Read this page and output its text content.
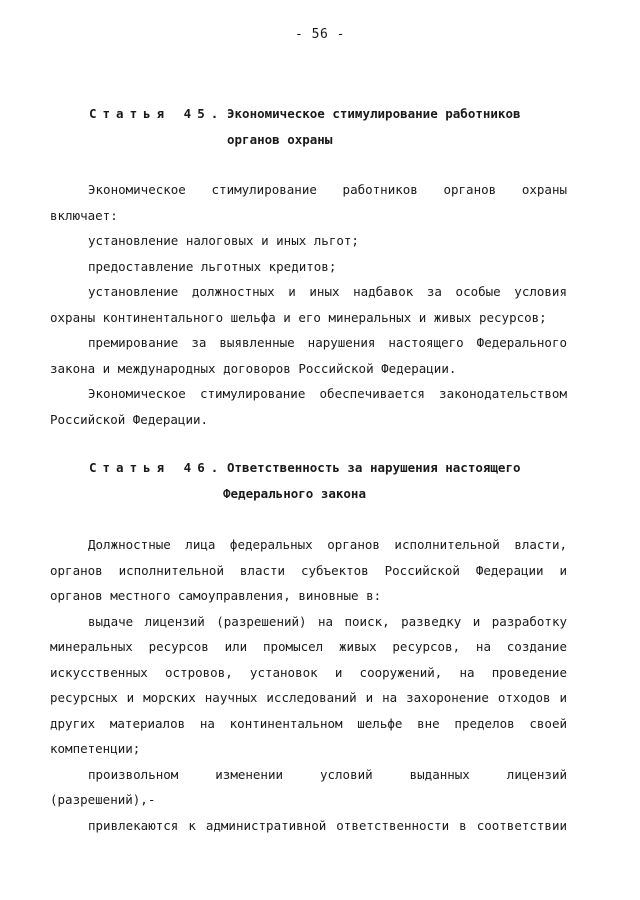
- 56 -
Статья 45. Экономическое стимулирование работников
органов охраны
Экономическое стимулирование работников органов охраны
включает:
установление налоговых и иных льгот;
предоставление льготных кредитов;
установление должностных и иных надбавок за особые условия
охраны континентального шельфа и его минеральных и живых ресурсов;
премирование за выявленные нарушения настоящего Федерального
закона и международных договоров Российской Федерации.
Экономическое стимулирование обеспечивается законодательством
Российской Федерации.
Статья 46. Ответственность за нарушения настоящего
Федерального закона
Должностные лица федеральных органов исполнительной власти,
органов исполнительной власти субъектов Российской Федерации и
органов местного самоуправления, виновные в:
выдаче лицензий (разрешений) на поиск, разведку и разработку
минеральных ресурсов или промысел живых ресурсов, на создание
искусственных островов, установок и сооружений, на проведение
ресурсных и морских научных исследований и на захоронение отходов и
других материалов на континентальном шельфе вне пределов своей
компетенции;
произвольном изменении условий выданных лицензий
(разрешений),-
привлекаются к административной ответственности в соответствии
